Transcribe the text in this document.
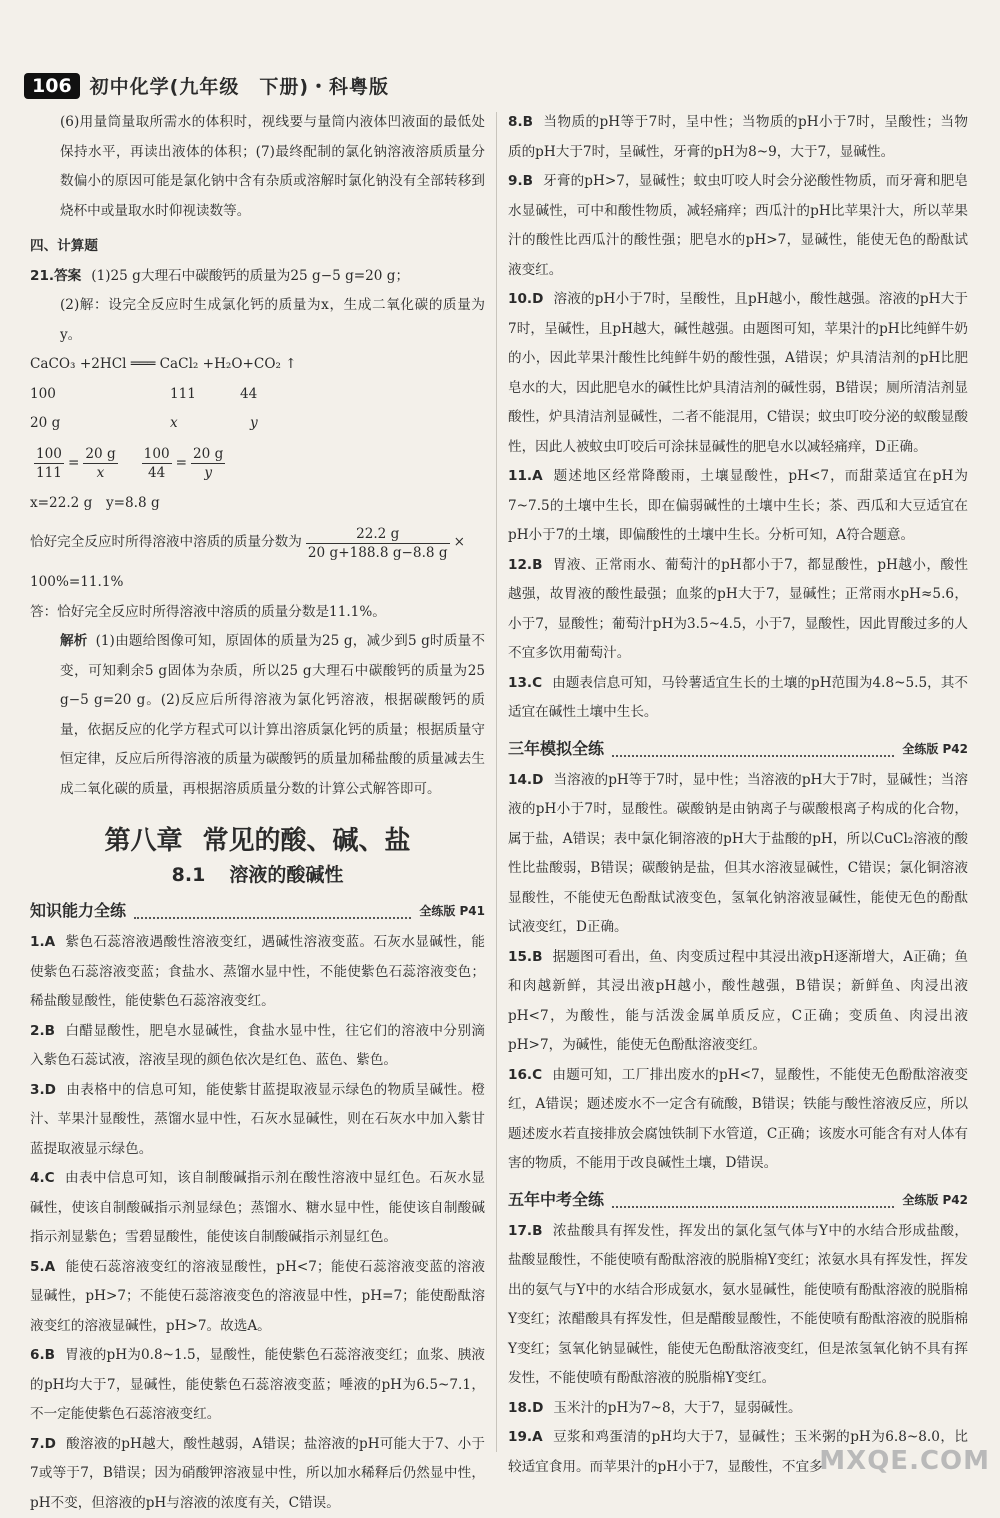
106 初中化学(九年级　下册)・科粤版

(6)用量筒量取所需水的体积时，视线要与量筒内液体凹液面的最低处保持水平，再读出液体的体积；(7)最终配制的氯化钠溶液溶质质量分数偏小的原因可能是氯化钠中含有杂质或溶解时氯化钠没有全部转移到烧杯中或量取水时仰视读数等。

四、计算题

21.答案 (1)25 g大理石中碳酸钙的质量为25 g−5 g=20 g；

(2)解：设完全反应时生成氯化钙的质量为x，生成二氧化碳的质量为y。

CaCO₃ +2HCl ═══ CaCl₂ +H₂O+CO₂ ↑

100	111	44
20 g	x	y
$\frac{100}{111} = \frac{20 g}{x} \frac{100}{44} = \frac{20 g}{y}$

x=22.2 g　y=8.8 g

恰好完全反应时所得溶液中溶质的质量分数为 $\frac{22.2 g}{20 g+188.8 g-8.8 g}$ ×

100%=11.1%

答：恰好完全反应时所得溶液中溶质的质量分数是11.1%。

解析 (1)由题给图像可知，原固体的质量为25 g，减少到5 g时质量不变，可知剩余5 g固体为杂质，所以25 g大理石中碳酸钙的质量为25 g−5 g=20 g。(2)反应后所得溶液为氯化钙溶液，根据碳酸钙的质量，依据反应的化学方程式可以计算出溶质氯化钙的质量；根据质量守恒定律，反应后所得溶液的质量为碳酸钙的质量加稀盐酸的质量减去生成二氧化碳的质量，再根据溶质质量分数的计算公式解答即可。

第八章 常见的酸、碱、盐
8.1 溶液的酸碱性
知识能力全练	全练版 P41

1.A 紫色石蕊溶液遇酸性溶液变红，遇碱性溶液变蓝。石灰水显碱性，能使紫色石蕊溶液变蓝；食盐水、蒸馏水显中性，不能使紫色石蕊溶液变色；稀盐酸显酸性，能使紫色石蕊溶液变红。

2.B 白醋显酸性，肥皂水显碱性，食盐水显中性，往它们的溶液中分别滴入紫色石蕊试液，溶液呈现的颜色依次是红色、蓝色、紫色。

3.D 由表格中的信息可知，能使紫甘蓝提取液显示绿色的物质呈碱性。橙汁、苹果汁显酸性，蒸馏水显中性，石灰水显碱性，则在石灰水中加入紫甘蓝提取液显示绿色。

4.C 由表中信息可知，该自制酸碱指示剂在酸性溶液中显红色。石灰水显碱性，使该自制酸碱指示剂显绿色；蒸馏水、糖水显中性，能使该自制酸碱指示剂显紫色；雪碧显酸性，能使该自制酸碱指示剂显红色。

5.A 能使石蕊溶液变红的溶液显酸性，pH<7；能使石蕊溶液变蓝的溶液显碱性，pH>7；不能使石蕊溶液变色的溶液显中性，pH=7；能使酚酞溶液变红的溶液显碱性，pH>7。故选A。

6.B 胃液的pH为0.8~1.5，显酸性，能使紫色石蕊溶液变红；血浆、胰液的pH均大于7，显碱性，能使紫色石蕊溶液变蓝；唾液的pH为6.5~7.1，不一定能使紫色石蕊溶液变红。

7.D 酸溶液的pH越大，酸性越弱，A错误；盐溶液的pH可能大于7、小于7或等于7，B错误；因为硝酸钾溶液显中性，所以加水稀释后仍然显中性，pH不变，但溶液的pH与溶液的浓度有关，C错误。

8.B 当物质的pH等于7时，呈中性；当物质的pH小于7时，呈酸性；当物质的pH大于7时，呈碱性，牙膏的pH为8~9，大于7，显碱性。

9.B 牙膏的pH>7，显碱性；蚊虫叮咬人时会分泌酸性物质，而牙膏和肥皂水显碱性，可中和酸性物质，减轻痛痒；西瓜汁的pH比苹果汁大，所以苹果汁的酸性比西瓜汁的酸性强；肥皂水的pH>7，显碱性，能使无色的酚酞试液变红。

10.D 溶液的pH小于7时，呈酸性，且pH越小，酸性越强。溶液的pH大于7时，呈碱性，且pH越大，碱性越强。由题图可知，苹果汁的pH比纯鲜牛奶的小，因此苹果汁酸性比纯鲜牛奶的酸性强，A错误；炉具清洁剂的pH比肥皂水的大，因此肥皂水的碱性比炉具清洁剂的碱性弱，B错误；厕所清洁剂显酸性，炉具清洁剂显碱性，二者不能混用，C错误；蚊虫叮咬分泌的蚁酸显酸性，因此人被蚊虫叮咬后可涂抹显碱性的肥皂水以减轻痛痒，D正确。

11.A 题述地区经常降酸雨，土壤显酸性，pH<7，而甜菜适宜在pH为7~7.5的土壤中生长，即在偏弱碱性的土壤中生长；茶、西瓜和大豆适宜在pH小于7的土壤，即偏酸性的土壤中生长。分析可知，A符合题意。

12.B 胃液、正常雨水、葡萄汁的pH都小于7，都显酸性，pH越小，酸性越强，故胃液的酸性最强；血浆的pH大于7，显碱性；正常雨水pH≈5.6，小于7，显酸性；葡萄汁pH为3.5~4.5，小于7，显酸性，因此胃酸过多的人不宜多饮用葡萄汁。

13.C 由题表信息可知，马铃薯适宜生长的土壤的pH范围为4.8~5.5，其不适宜在碱性土壤中生长。

三年模拟全练	全练版 P42

14.D 当溶液的pH等于7时，显中性；当溶液的pH大于7时，显碱性；当溶液的pH小于7时，显酸性。碳酸钠是由钠离子与碳酸根离子构成的化合物，属于盐，A错误；表中氯化铜溶液的pH大于盐酸的pH，所以CuCl₂溶液的酸性比盐酸弱，B错误；碳酸钠是盐，但其水溶液显碱性，C错误；氯化铜溶液显酸性，不能使无色酚酞试液变色，氢氧化钠溶液显碱性，能使无色的酚酞试液变红，D正确。

15.B 据题图可看出，鱼、肉变质过程中其浸出液pH逐渐增大，A正确；鱼和肉越新鲜，其浸出液pH越小，酸性越强，B错误；新鲜鱼、肉浸出液pH<7，为酸性，能与活泼金属单质反应，C正确；变质鱼、肉浸出液pH>7，为碱性，能使无色酚酞溶液变红。

16.C 由题可知，工厂排出废水的pH<7，显酸性，不能使无色酚酞溶液变红，A错误；题述废水不一定含有硫酸，B错误；铁能与酸性溶液反应，所以题述废水若直接排放会腐蚀铁制下水管道，C正确；该废水可能含有对人体有害的物质，不能用于改良碱性土壤，D错误。

五年中考全练	全练版 P42

17.B 浓盐酸具有挥发性，挥发出的氯化氢气体与Y中的水结合形成盐酸，盐酸显酸性，不能使喷有酚酞溶液的脱脂棉Y变红；浓氨水具有挥发性，挥发出的氨气与Y中的水结合形成氨水，氨水显碱性，能使喷有酚酞溶液的脱脂棉Y变红；浓醋酸具有挥发性，但是醋酸显酸性，不能使喷有酚酞溶液的脱脂棉Y变红；氢氧化钠显碱性，能使无色酚酞溶液变红，但是浓氢氧化钠不具有挥发性，不能使喷有酚酞溶液的脱脂棉Y变红。

18.D 玉米汁的pH为7~8，大于7，显弱碱性。

19.A 豆浆和鸡蛋清的pH均大于7，显碱性；玉米粥的pH为6.8~8.0，比较适宜食用。而苹果汁的pH小于7，显酸性，不宜多

MXQE.COM
